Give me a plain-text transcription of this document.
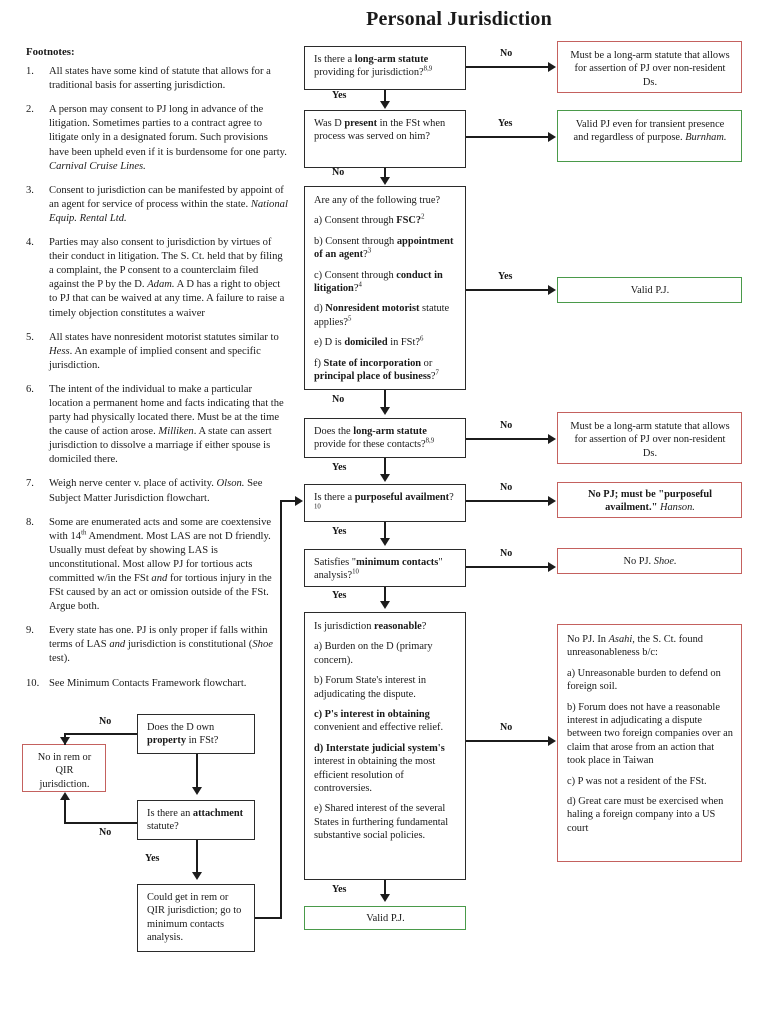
Personal Jurisdiction
Footnotes:
1.	All states have some kind of statute that allows for a traditional basis for asserting jurisdiction.
2.	A person may consent to PJ long in advance of the litigation. Sometimes parties to a contract agree to litigate only in a designated forum. Such provisions have been upheld even if it is burdensome for one party. Carnival Cruise Lines.
3.	Consent to jurisdiction can be manifested by appoint of an agent for service of process within the state. National Equip. Rental Ltd.
4.	Parties may also consent to jurisdiction by virtues of their conduct in litigation. The S. Ct. held that by filing a complaint, the P consent to a counterclaim filed against the P by the D. Adam. A D has a right to object to PJ that can be waived at any time. A failure to raise a timely objection constitutes a waiver
5.	All states have nonresident motorist statutes similar to Hess. An example of implied consent and specific jurisdiction.
6.	The intent of the individual to make a particular location a permanent home and facts indicating that the party had physically located there. Must be at the time the cause of action arose. Milliken. A state can assert jurisdiction to dissolve a marriage if either spouse is domiciled there.
7.	Weigh nerve center v. place of activity. Olson. See Subject Matter Jurisdiction flowchart.
8.	Some are enumerated acts and some are coextensive with 14th Amendment. Most LAS are not D friendly. Usually must defeat by showing LAS is unconstitutional. Most allow PJ for tortious acts committed w/in the FSt and for tortious injury in the FSt caused by an act or omission outside of the FSt. Argue both.
9.	Every state has one. PJ is only proper if falls within terms of LAS and jurisdiction is constitutional (Shoe test).
10. See Minimum Contacts Framework flowchart.
Is there a long-arm statute providing for jurisdiction?$^{8,9}$
Was D present in the FSt when process was served on him?

Are any of the following true?

a) Consent through FSC?$^2$

b) Consent through appointment of an agent?$^3$

c) Consent through conduct in litigation?$^4$

d) Nonresident motorist statute applies?$^5$

e) D is domiciled in FSt?$^6$

f) State of incorporation or principal place of business?$^7$

Does the long-arm statute provide for these contacts?$^{8,9}$
Is there a purposeful availment?$^{10}$
Satisfies "minimum contacts" analysis?$^{10}$

Is jurisdiction reasonable?

a) Burden on the D (primary concern).

b) Forum State's interest in adjudicating the dispute.

c) P's interest in obtaining convenient and effective relief.

d) Interstate judicial system's interest in obtaining the most efficient resolution of controversies.

e) Shared interest of the several States in furthering fundamental substantive social policies.

Valid P.J.
Must be a long-arm statute that allows for assertion of PJ over non-resident Ds.
Valid PJ even for transient presence and regardless of purpose. Burnham.
Valid P.J.
Must be a long-arm statute that allows for assertion of PJ over non-resident Ds.
No PJ; must be "purposeful availment." Hanson.
No PJ. Shoe.

No PJ. In Asahi, the S. Ct. found unreasonableness b/c:

a) Unreasonable burden to defend on foreign soil.

b) Forum does not have a reasonable interest in adjudicating a dispute between two foreign companies over an claim that arose from an action that took place in Taiwan

c) P was not a resident of the FSt.

d) Great care must be exercised when haling a foreign company into a US court

Does the D own property in FSt?
Is there an attachment statute?
No in rem or QIR jurisdiction.
Could get in rem or QIR jurisdiction; go to minimum contacts analysis.
Yes
No
No
Yes
No
Yes
Yes
No
Yes
No
Yes
No
Yes
No
No
No
Yes
